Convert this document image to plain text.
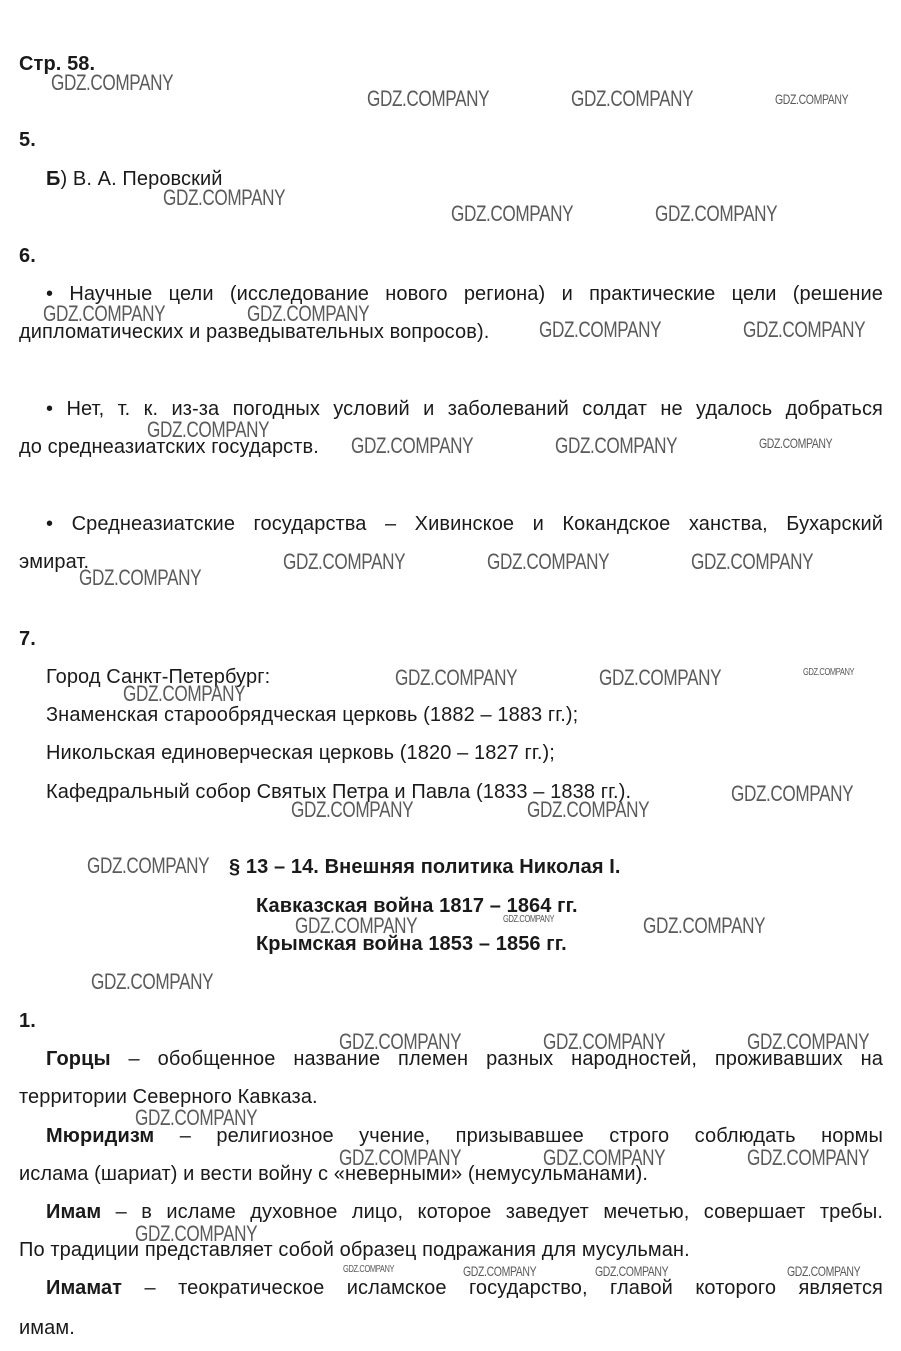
Стр. 58.
5.
Б) В. А. Перовский
6.
• Научные цели (исследование нового региона) и практические цели (решение
дипломатических и разведывательных вопросов).
• Нет, т. к. из-за погодных условий и заболеваний солдат не удалось добраться
до среднеазиатских государств.
• Среднеазиатские государства – Хивинское и Кокандское ханства, Бухарский
эмират.
7.
Город Санкт-Петербург:
Знаменская старообрядческая церковь (1882 – 1883 гг.);
Никольская единоверческая церковь (1820 – 1827 гг.);
Кафедральный собор Святых Петра и Павла (1833 – 1838 гг.).
§ 13 – 14. Внешняя политика Николая I.
Кавказская война 1817 – 1864 гг.
Крымская война 1853 – 1856 гг.
1.
Горцы – обобщенное название племен разных народностей, проживавших на
территории Северного Кавказа.
Мюридизм – религиозное учение, призывавшее строго соблюдать нормы
ислама (шариат) и вести войну с «неверными» (немусульманами).
Имам – в исламе духовное лицо, которое заведует мечетью, совершает требы.
По традиции представляет собой образец подражания для мусульман.
Имамат – теократическое исламское государство, главой которого является
имам.
GDZ.COMPANY
GDZ.COMPANY	GDZ.COMPANY	GDZ.COMPANY
GDZ.COMPANY
GDZ.COMPANY	GDZ.COMPANY
GDZ.COMPANY	GDZ.COMPANY
GDZ.COMPANY	GDZ.COMPANY
GDZ.COMPANY
GDZ.COMPANY	GDZ.COMPANY	GDZ.COMPANY
GDZ.COMPANY	GDZ.COMPANY	GDZ.COMPANY
GDZ.COMPANY
GDZ.COMPANY	GDZ.COMPANY	GDZ.COMPANY
GDZ.COMPANY
GDZ.COMPANY
GDZ.COMPANY	GDZ.COMPANY
GDZ.COMPANY
GDZ.COMPANY	GDZ.COMPANY	GDZ.COMPANY
GDZ.COMPANY
GDZ.COMPANY	GDZ.COMPANY	GDZ.COMPANY
GDZ.COMPANY
GDZ.COMPANY	GDZ.COMPANY	GDZ.COMPANY
GDZ.COMPANY
GDZ.COMPANY	GDZ.COMPANY	GDZ.COMPANY	GDZ.COMPANY
